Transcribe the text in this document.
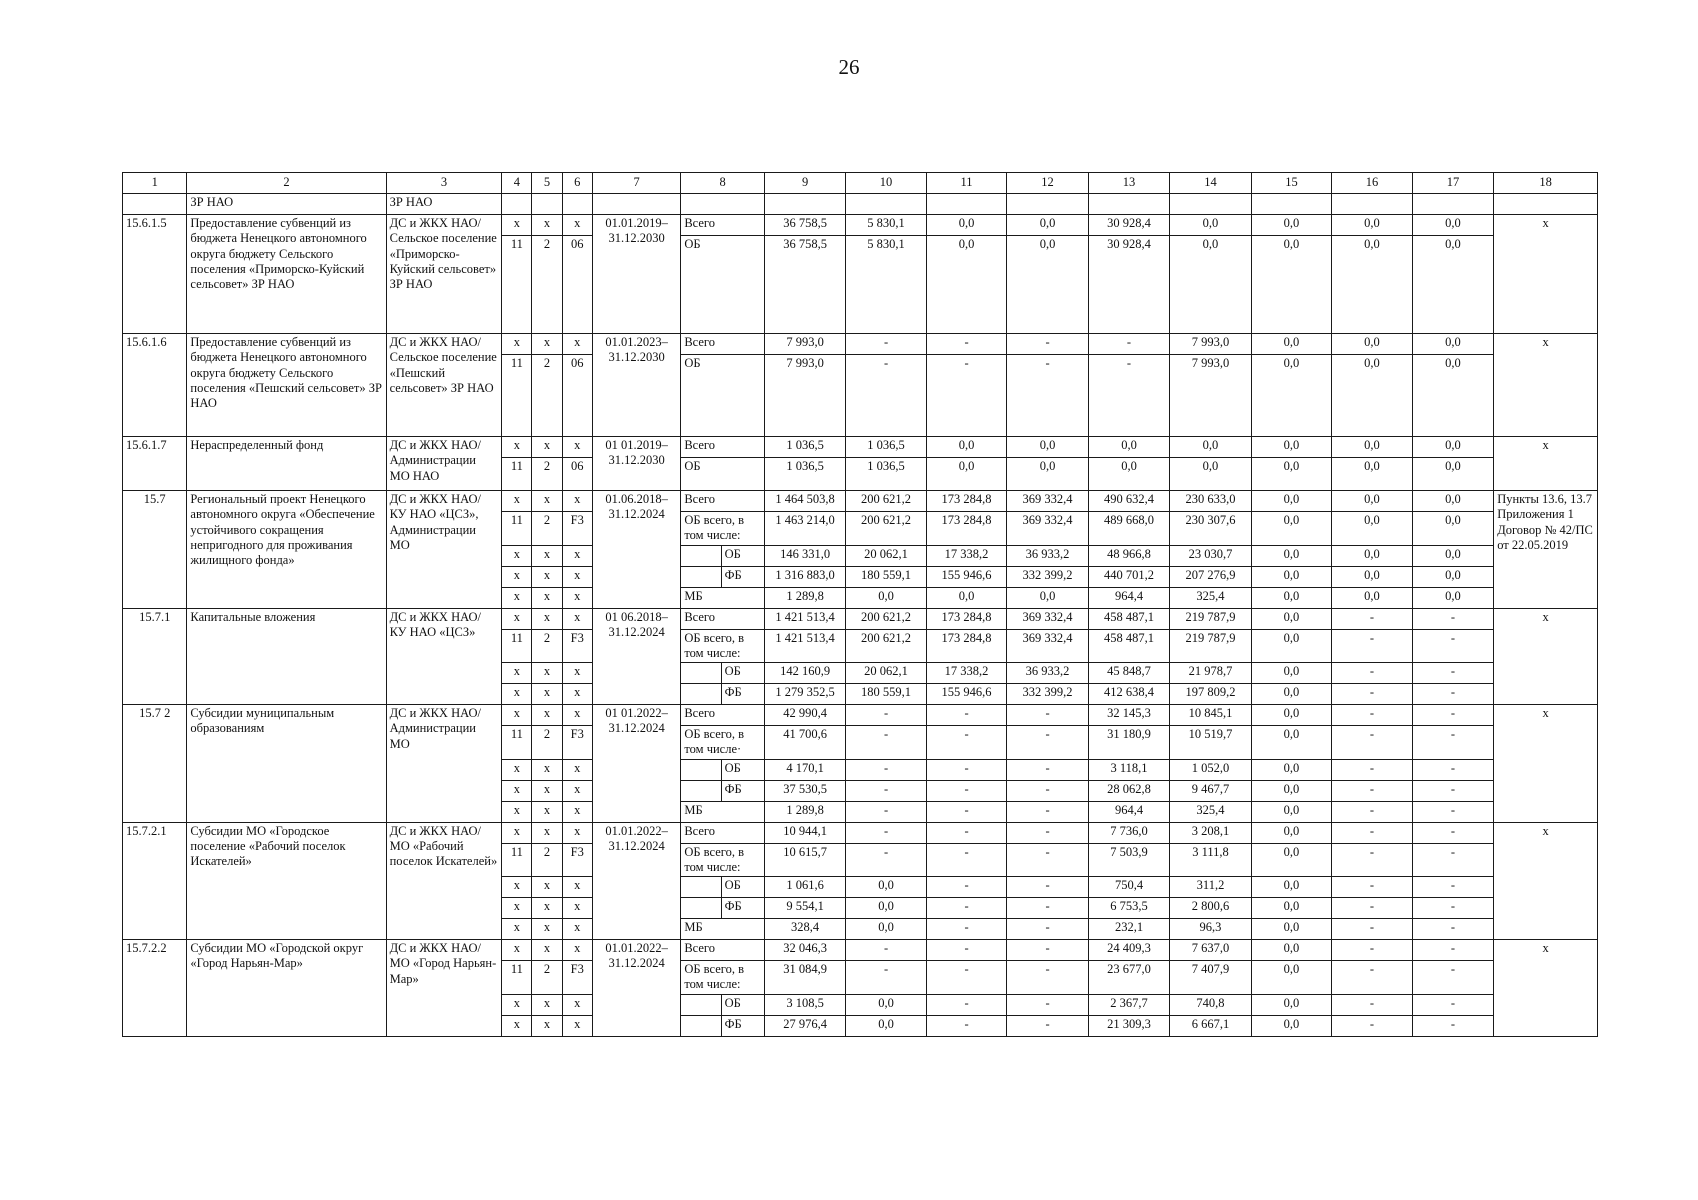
26
1	2	3	4	5	6	7	8		9	10	11	12	13	14	15	16	17	18
	ЗР НАО	ЗР НАО																
15.6.1.5	Предоставление субвенций из бюджета Ненецкого автономного округа бюджету Сельского поселения «Приморско-Куйский сельсовет» ЗР НАО	ДС и ЖКХ НАО/ Сельское поселение «Приморско-Куйский сельсовет» ЗР НАО	х	х	х	01.01.2019– 31.12.2030	Всего		36 758,5	5 830,1	0,0	0,0	30 928,4	0,0	0,0	0,0	0,0	х
			11	2	06		ОБ		36 758,5	5 830,1	0,0	0,0	30 928,4	0,0	0,0	0,0	0,0	
15.6.1.6	Предоставление субвенций из бюджета Ненецкого автономного округа бюджету Сельского поселения «Пешский сельсовет» ЗР НАО	ДС и ЖКХ НАО/ Сельское поселение «Пешский сельсовет» ЗР НАО	х	х	х	01.01.2023– 31.12.2030	Всего		7 993,0	-	-	-	-	7 993,0	0,0	0,0	0,0	х
			11	2	06		ОБ		7 993,0	-	-	-	-	7 993,0	0,0	0,0	0,0	
15.6.1.7	Нераспределенный фонд	ДС и ЖКХ НАО/ Администрации МО НАО	х	х	х	01 01.2019– 31.12.2030	Всего		1 036,5	1 036,5	0,0	0,0	0,0	0,0	0,0	0,0	0,0	х
			11	2	06		ОБ		1 036,5	1 036,5	0,0	0,0	0,0	0,0	0,0	0,0	0,0	
15.7	Региональный проект Ненецкого автономного округа «Обеспечение устойчивого сокращения непригодного для проживания жилищного фонда»	ДС и ЖКХ НАО/ КУ НАО «ЦСЗ», Администрации МО	х	х	х	01.06.2018– 31.12.2024	Всего		1 464 503,8	200 621,2	173 284,8	369 332,4	490 632,4	230 633,0	0,0	0,0	0,0	Пункты 13.6, 13.7 Приложения 1 Договор № 42/ПС от 22.05.2019
			11	2	F3		ОБ всего, в том числе:		1 463 214,0	200 621,2	173 284,8	369 332,4	489 668,0	230 307,6	0,0	0,0	0,0	
			х	х	х			ОБ	146 331,0	20 062,1	17 338,2	36 933,2	48 966,8	23 030,7	0,0	0,0	0,0	
			х	х	х			ФБ	1 316 883,0	180 559,1	155 946,6	332 399,2	440 701,2	207 276,9	0,0	0,0	0,0	
			х	х	х		МБ		1 289,8	0,0	0,0	0,0	964,4	325,4	0,0	0,0	0,0	
15.7.1	Капитальные вложения	ДС и ЖКХ НАО/ КУ НАО «ЦСЗ»	х	х	х	01 06.2018– 31.12.2024	Всего		1 421 513,4	200 621,2	173 284,8	369 332,4	458 487,1	219 787,9	0,0	-	-	х
			11	2	F3		ОБ всего, в том числе:		1 421 513,4	200 621,2	173 284,8	369 332,4	458 487,1	219 787,9	0,0	-	-	
			х	х	х			ОБ	142 160,9	20 062,1	17 338,2	36 933,2	45 848,7	21 978,7	0,0	-	-	
			х	х	х			ФБ	1 279 352,5	180 559,1	155 946,6	332 399,2	412 638,4	197 809,2	0,0	-	-	
15.7 2	Субсидии муниципальным образованиям	ДС и ЖКХ НАО/ Администрации МО	х	х	х	01 01.2022– 31.12.2024	Всего		42 990,4	-	-	-	32 145,3	10 845,1	0,0	-	-	х
			11	2	F3		ОБ всего, в том числе·		41 700,6	-	-	-	31 180,9	10 519,7	0,0	-	-	
			х	х	х			ОБ	4 170,1	-	-	-	3 118,1	1 052,0	0,0	-	-	
			х	х	х			ФБ	37 530,5	-	-	-	28 062,8	9 467,7	0,0	-	-	
			х	х	х		МБ		1 289,8	-	-	-	964,4	325,4	0,0	-	-	
15.7.2.1	Субсидии МО «Городское поселение «Рабочий поселок Искателей»	ДС и ЖКХ НАО/ МО «Рабочий поселок Искателей»	х	х	х	01.01.2022– 31.12.2024	Всего		10 944,1	-	-	-	7 736,0	3 208,1	0,0	-	-	х
			11	2	F3		ОБ всего, в том числе:		10 615,7	-	-	-	7 503,9	3 111,8	0,0	-	-	
			х	х	х			ОБ	1 061,6	0,0	-	-	750,4	311,2	0,0	-	-	
			х	х	х			ФБ	9 554,1	0,0	-	-	6 753,5	2 800,6	0,0	-	-	
			х	х	х		МБ		328,4	0,0	-	-	232,1	96,3	0,0	-	-	
15.7.2.2	Субсидии МО «Городской округ «Город Нарьян-Мар»	ДС и ЖКХ НАО/ МО «Город Нарьян-Мар»	х	х	х	01.01.2022– 31.12.2024	Всего		32 046,3	-	-	-	24 409,3	7 637,0	0,0	-	-	х
			11	2	F3		ОБ всего, в том числе:		31 084,9	-	-	-	23 677,0	7 407,9	0,0	-	-	
			х	х	х			ОБ	3 108,5	0,0	-	-	2 367,7	740,8	0,0	-	-	
			х	х	х			ФБ	27 976,4	0,0	-	-	21 309,3	6 667,1	0,0	-	-	
